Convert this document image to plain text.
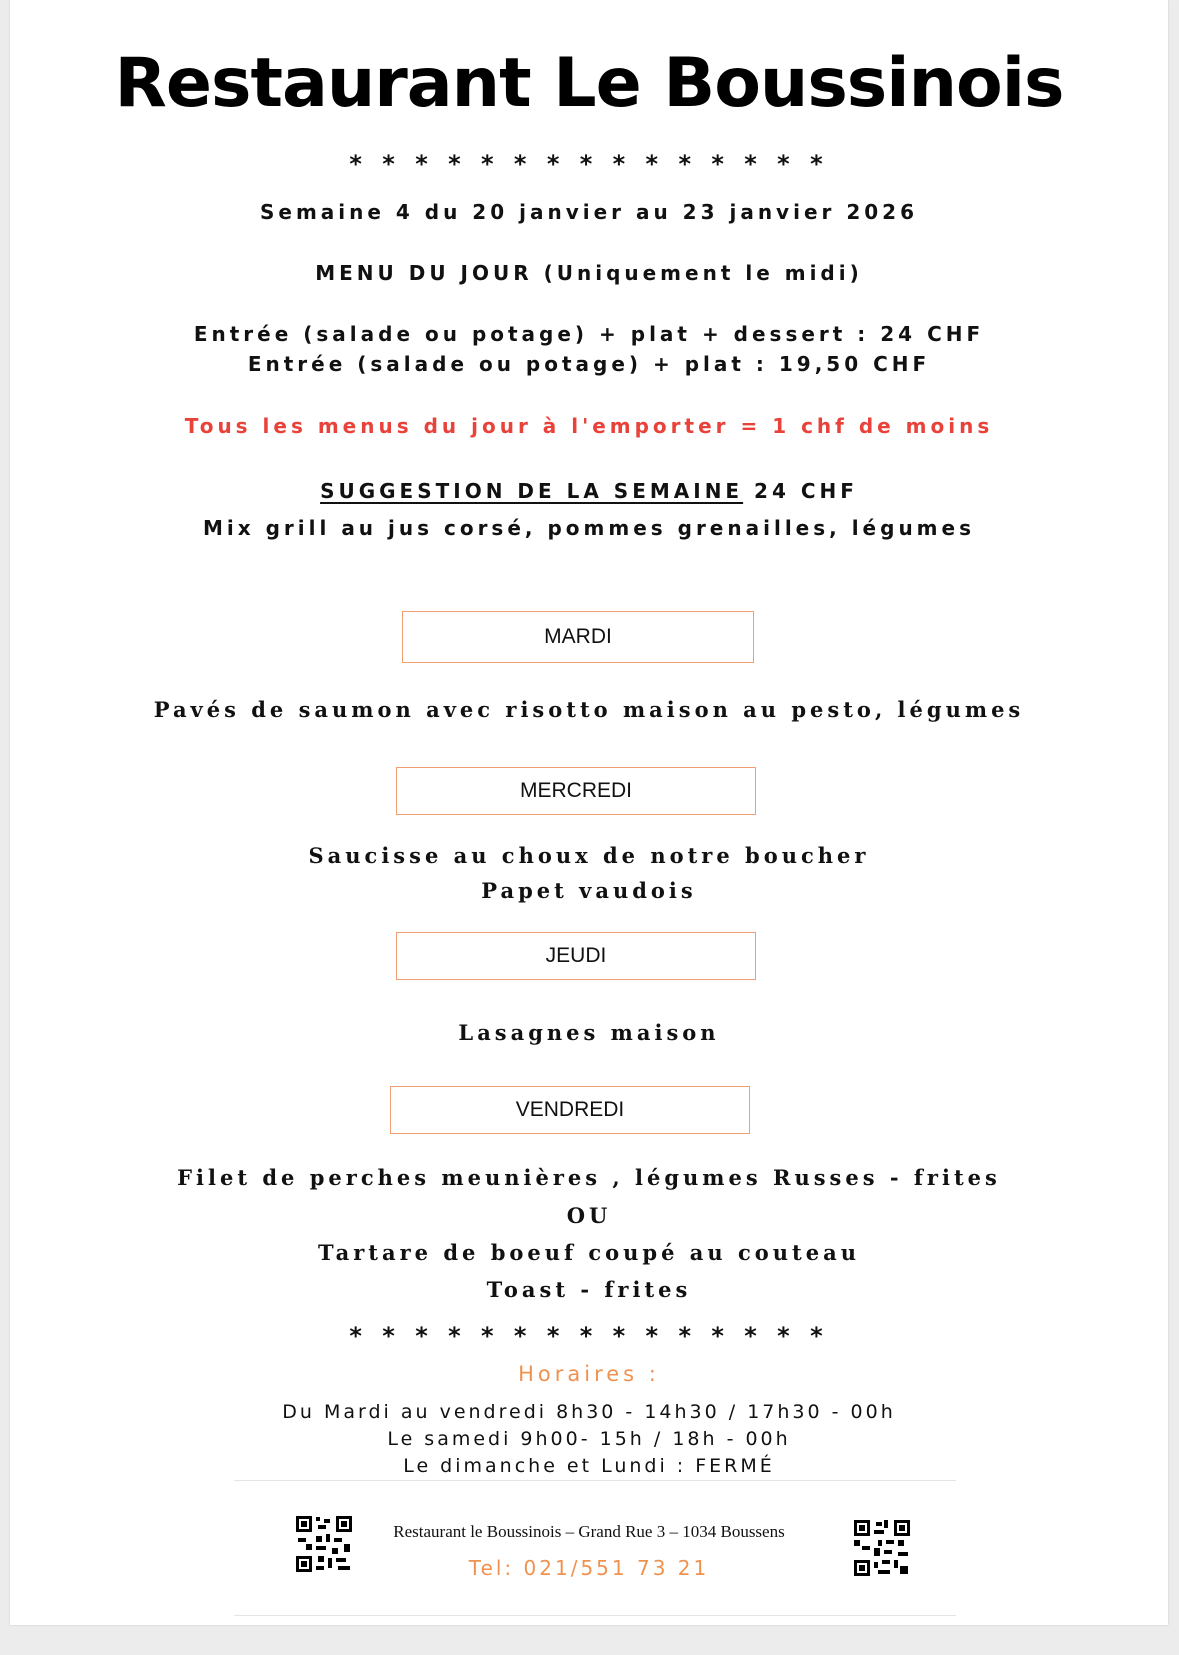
Restaurant Le Boussinois
* * * * * * * * * * * * * * *
Semaine 4 du 20 janvier au 23 janvier 2026
MENU DU JOUR (Uniquement le midi)
Entrée (salade ou potage) + plat + dessert : 24 CHF
Entrée (salade ou potage) + plat : 19,50 CHF
Tous les menus du jour à l'emporter = 1 chf de moins
SUGGESTION DE LA SEMAINE 24 CHF
Mix grill au jus corsé, pommes grenailles, légumes
MARDI
Pavés de saumon avec risotto maison au pesto, légumes
MERCREDI
Saucisse au choux de notre boucher
Papet vaudois
JEUDI
Lasagnes maison
VENDREDI
Filet de perches meunières , légumes Russes - frites
OU
Tartare de boeuf coupé au couteau
Toast - frites
* * * * * * * * * * * * * * *
Horaires :
Du Mardi au vendredi 8h30 - 14h30 / 17h30 - 00h
Le samedi 9h00- 15h / 18h - 00h
Le dimanche et Lundi : FERMÉ
Restaurant le Boussinois – Grand Rue 3 – 1034 Boussens
Tel: 021/551 73 21
